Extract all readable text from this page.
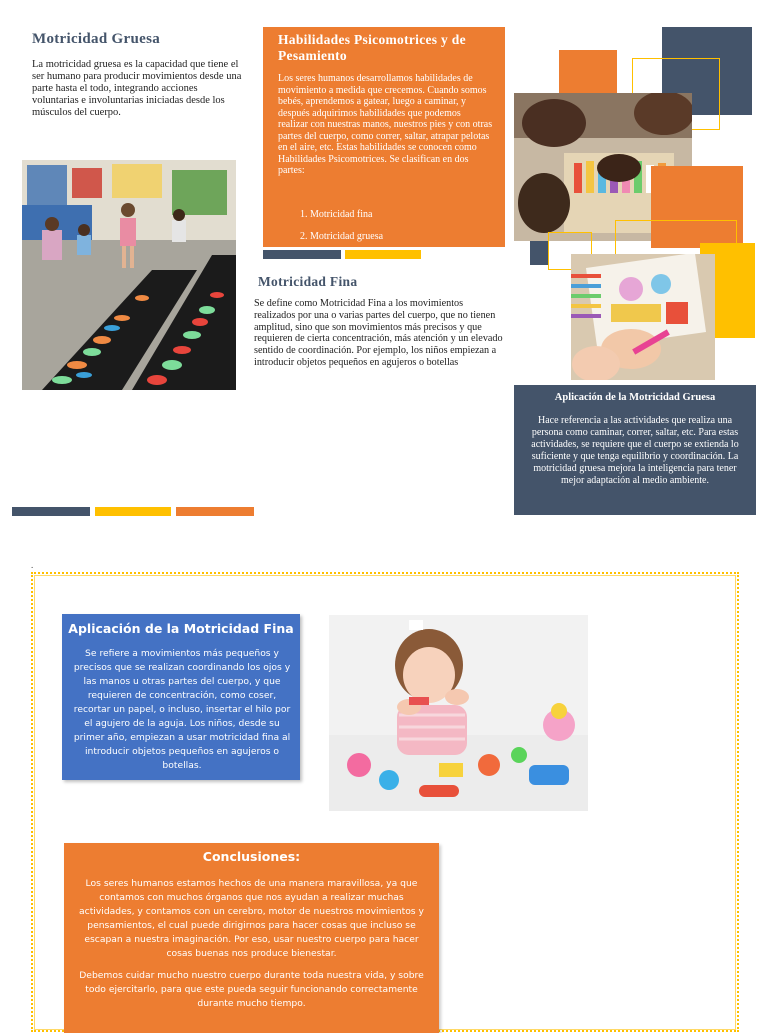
Motricidad Gruesa
La motricidad gruesa es la capacidad que tiene el ser humano para producir movimientos desde una parte hasta el todo, integrando acciones voluntarias e involuntarias iniciadas desde los músculos del cuerpo.
Habilidades Psicomotrices y de Pesamiento
Los seres humanos desarrollamos habilidades de movimiento a medida que crecemos. Cuando somos bebés, aprendemos a gatear, luego a caminar, y después adquirimos habilidades que podemos realizar con nuestras manos, nuestros pies y con otras partes del cuerpo, como correr, saltar, atrapar pelotas en el aire, etc. Estas habilidades se conocen como Habilidades Psicomotrices. Se clasifican en dos partes:
1. Motricidad fina
2. Motricidad gruesa
Motricidad Fina
Se define como Motricidad Fina a los movimientos realizados por una o varias partes del cuerpo, que no tienen amplitud, sino que son movimientos más precisos y que requieren de cierta concentración, más atención y un elevado sentido de coordinación. Por ejemplo, los niños empiezan a introducir objetos pequeños en agujeros o botellas
Aplicación de la Motricidad Gruesa
Hace referencia a las actividades que realiza una persona como caminar, correr, saltar, etc. Para estas actividades, se requiere que el cuerpo se extienda lo suficiente y que tenga equilibrio y coordinación. La motricidad gruesa mejora la inteligencia para tener mejor adaptación al medio ambiente.
.
Aplicación de la Motricidad Fina
Se refiere a movimientos más pequeños y precisos que se realizan coordinando los ojos y las manos u otras partes del cuerpo, y que requieren de concentración, como coser, recortar un papel, o incluso, insertar el hilo por el agujero de la aguja. Los niños, desde su primer año, empiezan a usar motricidad fina al introducir objetos pequeños en agujeros o botellas.
Conclusiones:
Los seres humanos estamos hechos de una manera maravillosa, ya que contamos con muchos órganos que nos ayudan a realizar muchas actividades, y contamos con un cerebro, motor de nuestros movimientos y pensamientos, el cual puede dirigirnos para hacer cosas que incluso se escapan a nuestra imaginación. Por eso, usar nuestro cuerpo para hacer cosas buenas nos produce bienestar.
Debemos cuidar mucho nuestro cuerpo durante toda nuestra vida, y sobre todo ejercitarlo, para que este pueda seguir funcionando correctamente durante mucho tiempo.
